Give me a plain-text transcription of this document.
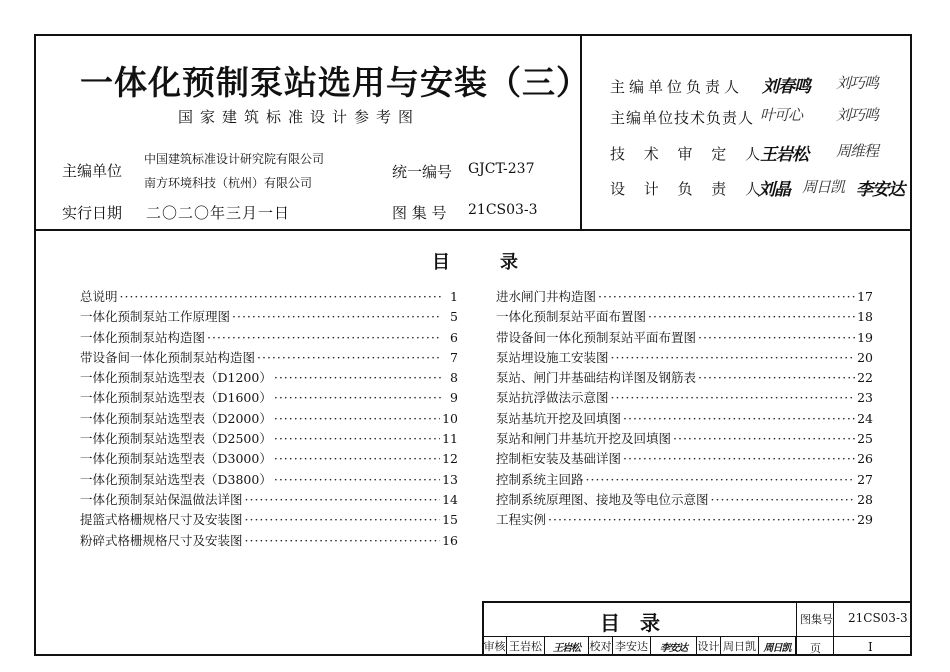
一体化预制泵站选用与安装（三）
国家建筑标准设计参考图
主编单位
中国建筑标准设计研究院有限公司
南方环境科技（杭州）有限公司
统一编号 GJCT-237
实行日期 二〇二〇年三月一日	图 集 号 21CS03-3
主编单位负责人 刘春鸣 刘巧鸣
主编单位技术负责人 叶可心 刘巧鸣
技 术 审 定 人
王岩松 周维程
设 计 负 责 人
刘晶 周日凯 李安达
目	录
总说明 ·····	1
一体化预制泵站工作原理图 ·····	5
一体化预制泵站构造图 ·····	6
带设备间一体化预制泵站构造图 ·····	7
一体化预制泵站选型表（D1200） ·····	8
一体化预制泵站选型表（D1600） ·····	9
一体化预制泵站选型表（D2000） ·····	10
一体化预制泵站选型表（D2500） ·····	11
一体化预制泵站选型表（D3000） ·····	12
一体化预制泵站选型表（D3800） ·····	13
一体化预制泵站保温做法详图 ·····	14
提篮式格栅规格尺寸及安装图 ·····	15
粉碎式格栅规格尺寸及安装图 ·····	16
进水闸门井构造图 ·····	17
一体化预制泵站平面布置图 ·····	18
带设备间一体化预制泵站平面布置图 ·····	19
泵站埋设施工安装图 ·····	20
泵站、闸门井基础结构详图及钢筋表 ·····	22
泵站抗浮做法示意图 ·····	23
泵站基坑开挖及回填图 ·····	24
泵站和闸门井基坑开挖及回填图 ·····	25
控制柜安装及基础详图 ·····	26
控制系统主回路 ·····	27
控制系统原理图、接地及等电位示意图 ·····	28
工程实例 ·····	29
目　录	图集号 21CS03-3
页	I
审核 王岩松	王岩松 校对 李安达	李安达 设计 周日凯 周日凯
